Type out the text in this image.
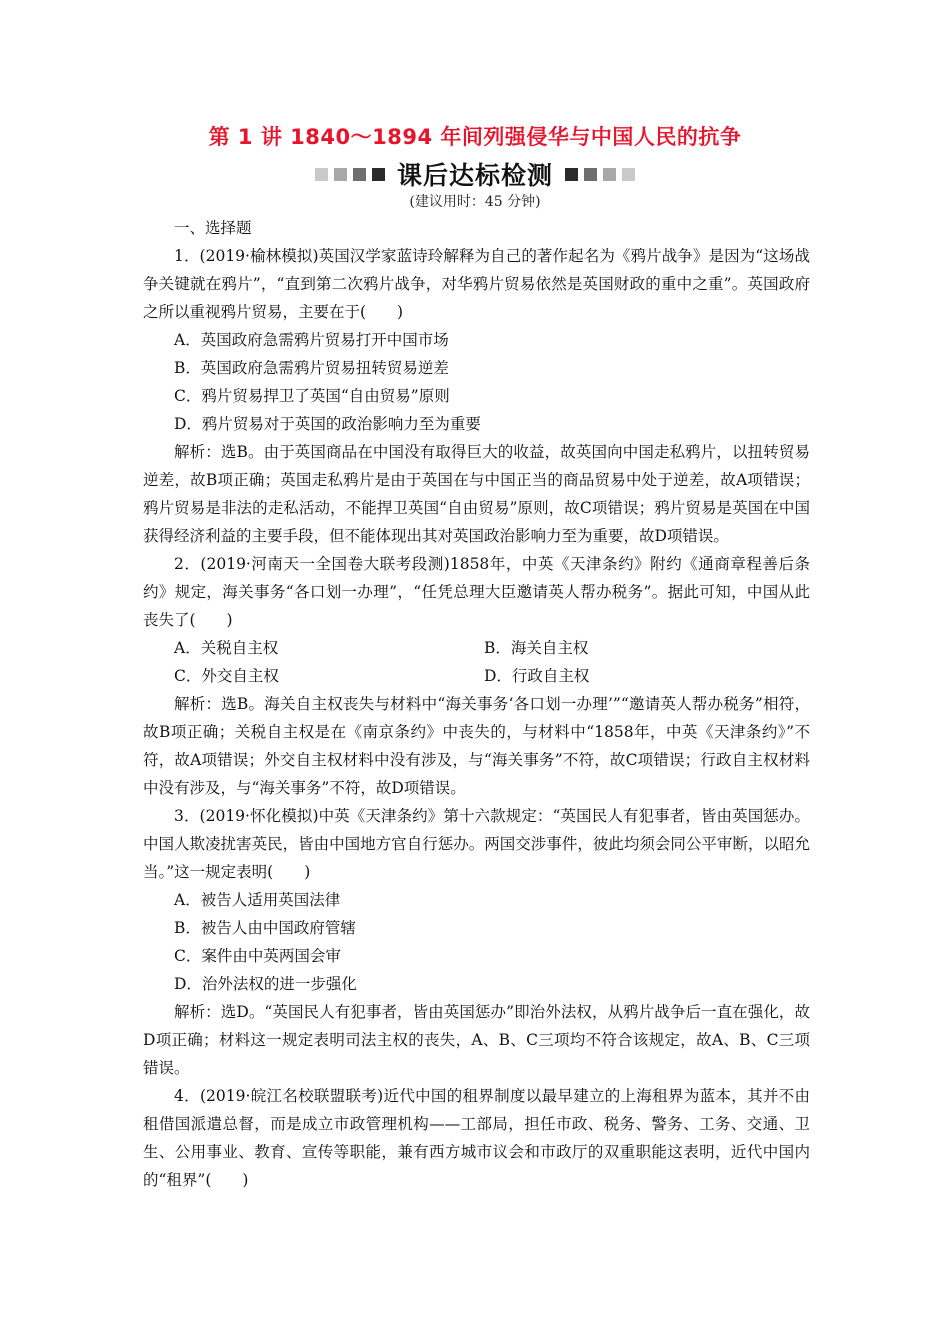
第 1 讲 1840～1894 年间列强侵华与中国人民的抗争
课后达标检测
(建议用时：45 分钟)

一、选择题

1．(2019·榆林模拟)英国汉学家蓝诗玲解释为自己的著作起名为《鸦片战争》是因为“这场战争关键就在鸦片”，“直到第二次鸦片战争，对华鸦片贸易依然是英国财政的重中之重”。英国政府之所以重视鸦片贸易，主要在于(　　)

A．英国政府急需鸦片贸易打开中国市场

B．英国政府急需鸦片贸易扭转贸易逆差

C．鸦片贸易捍卫了英国“自由贸易”原则

D．鸦片贸易对于英国的政治影响力至为重要

解析：选B。由于英国商品在中国没有取得巨大的收益，故英国向中国走私鸦片，以扭转贸易逆差，故B项正确；英国走私鸦片是由于英国在与中国正当的商品贸易中处于逆差，故A项错误；鸦片贸易是非法的走私活动，不能捍卫英国“自由贸易”原则，故C项错误；鸦片贸易是英国在中国获得经济利益的主要手段，但不能体现出其对英国政治影响力至为重要，故D项错误。

2．(2019·河南天一全国卷大联考段测)1858年，中英《天津条约》附约《通商章程善后条约》规定，海关事务“各口划一办理”，“任凭总理大臣邀请英人帮办税务”。据此可知，中国从此丧失了(　　)

A．关税自主权	B．海关自主权
C．外交自主权	D．行政自主权

解析：选B。海关自主权丧失与材料中“海关事务‘各口划一办理’”“邀请英人帮办税务”相符，故B项正确；关税自主权是在《南京条约》中丧失的，与材料中“1858年，中英《天津条约》”不符，故A项错误；外交自主权材料中没有涉及，与“海关事务”不符，故C项错误；行政自主权材料中没有涉及，与“海关事务”不符，故D项错误。

3．(2019·怀化模拟)中英《天津条约》第十六款规定：“英国民人有犯事者，皆由英国惩办。中国人欺凌扰害英民，皆由中国地方官自行惩办。两国交涉事件，彼此均须会同公平审断，以昭允当。”这一规定表明(　　)

A．被告人适用英国法律

B．被告人由中国政府管辖

C．案件由中英两国会审

D．治外法权的进一步强化

解析：选D。“英国民人有犯事者，皆由英国惩办”即治外法权，从鸦片战争后一直在强化，故D项正确；材料这一规定表明司法主权的丧失，A、B、C三项均不符合该规定，故A、B、C三项错误。

4．(2019·皖江名校联盟联考)近代中国的租界制度以最早建立的上海租界为蓝本，其并不由租借国派遣总督，而是成立市政管理机构——工部局，担任市政、税务、警务、工务、交通、卫生、公用事业、教育、宣传等职能，兼有西方城市议会和市政厅的双重职能这表明，近代中国内的“租界”(　　)
